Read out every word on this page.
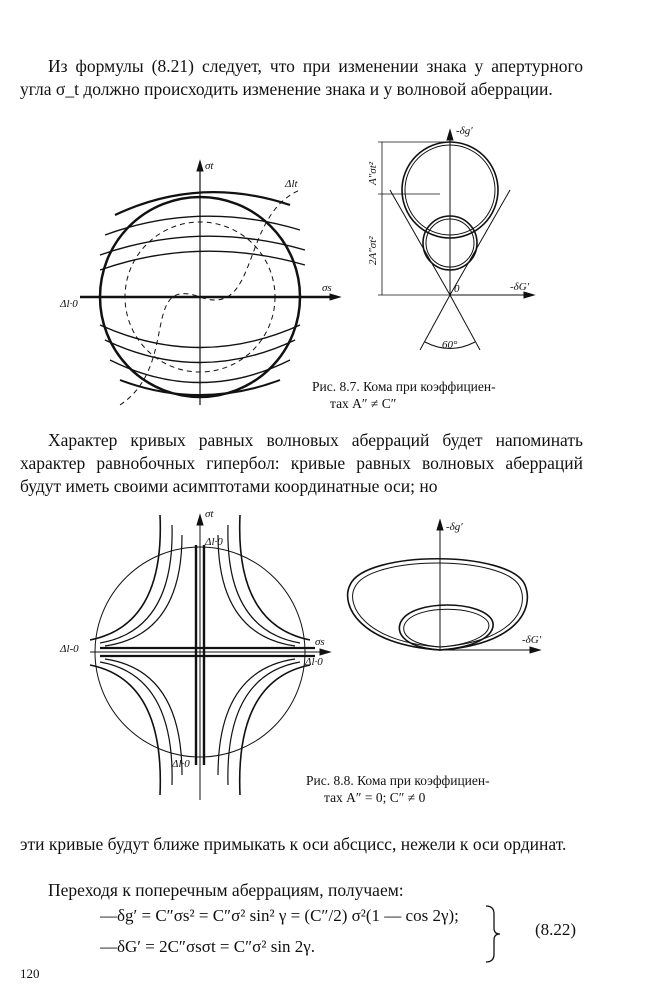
Из формулы (8.21) следует, что при изменении знака у апертурного угла σ_t должно происходить изменение знака и у волновой аберрации.
σt
σs
Δlt
Δl·0
-δg′
-δG′
0
A″σt²
2A″σt²
60°
Рис. 8.7. Кома при коэффициен-
тах A″ ≠ C″
Характер кривых равных волновых аберраций будет напоминать характер равнобочных гипербол: кривые равных волновых аберраций будут иметь своими асимптотами координатные оси; но
σt
σs
Δl·0
Δl-0
Δl·0
Δl·0
-δg′
-δG′
Рис. 8.8. Кома при коэффициен-
тах A″ = 0; C″ ≠ 0
эти кривые будут ближе примыкать к оси абсцисс, нежели к оси ординат.
Переходя к поперечным аберрациям, получаем:
—δg′ = C″σs² = C″σ² sin² γ = (C″/2) σ²(1 — cos 2γ);
—δG′ = 2C″σsσt = C″σ² sin 2γ.
(8.22)
120
